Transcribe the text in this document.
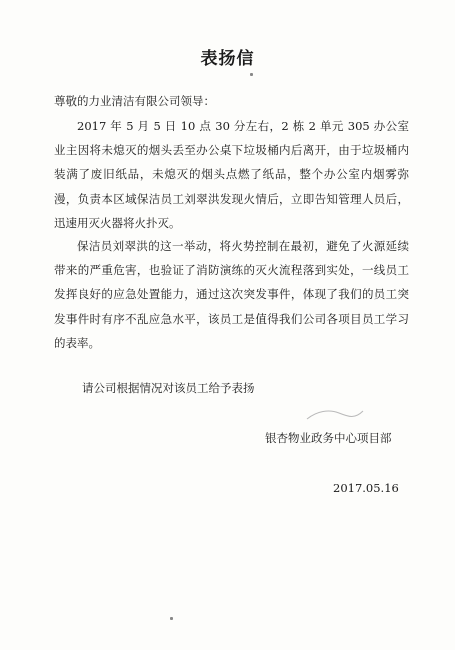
表扬信
尊敬的力业清洁有限公司领导：

2017 年 5 月 5 日 10 点 30 分左右，2 栋 2 单元 305 办公室业主因将未熄灭的烟头丢至办公桌下垃圾桶内后离开，由于垃圾桶内装满了废旧纸品，未熄灭的烟头点燃了纸品，整个办公室内烟雾弥漫，负责本区域保洁员工刘翠洪发现火情后，立即告知管理人员后，迅速用灭火器将火扑灭。

保洁员刘翠洪的这一举动，将火势控制在最初，避免了火源延续带来的严重危害，也验证了消防演练的灭火流程落到实处，一线员工发挥良好的应急处置能力，通过这次突发事件，体现了我们的员工突发事件时有序不乱应急水平，该员工是值得我们公司各项目员工学习的表率。

请公司根据情况对该员工给予表扬
银杏物业政务中心项目部
2017.05.16
